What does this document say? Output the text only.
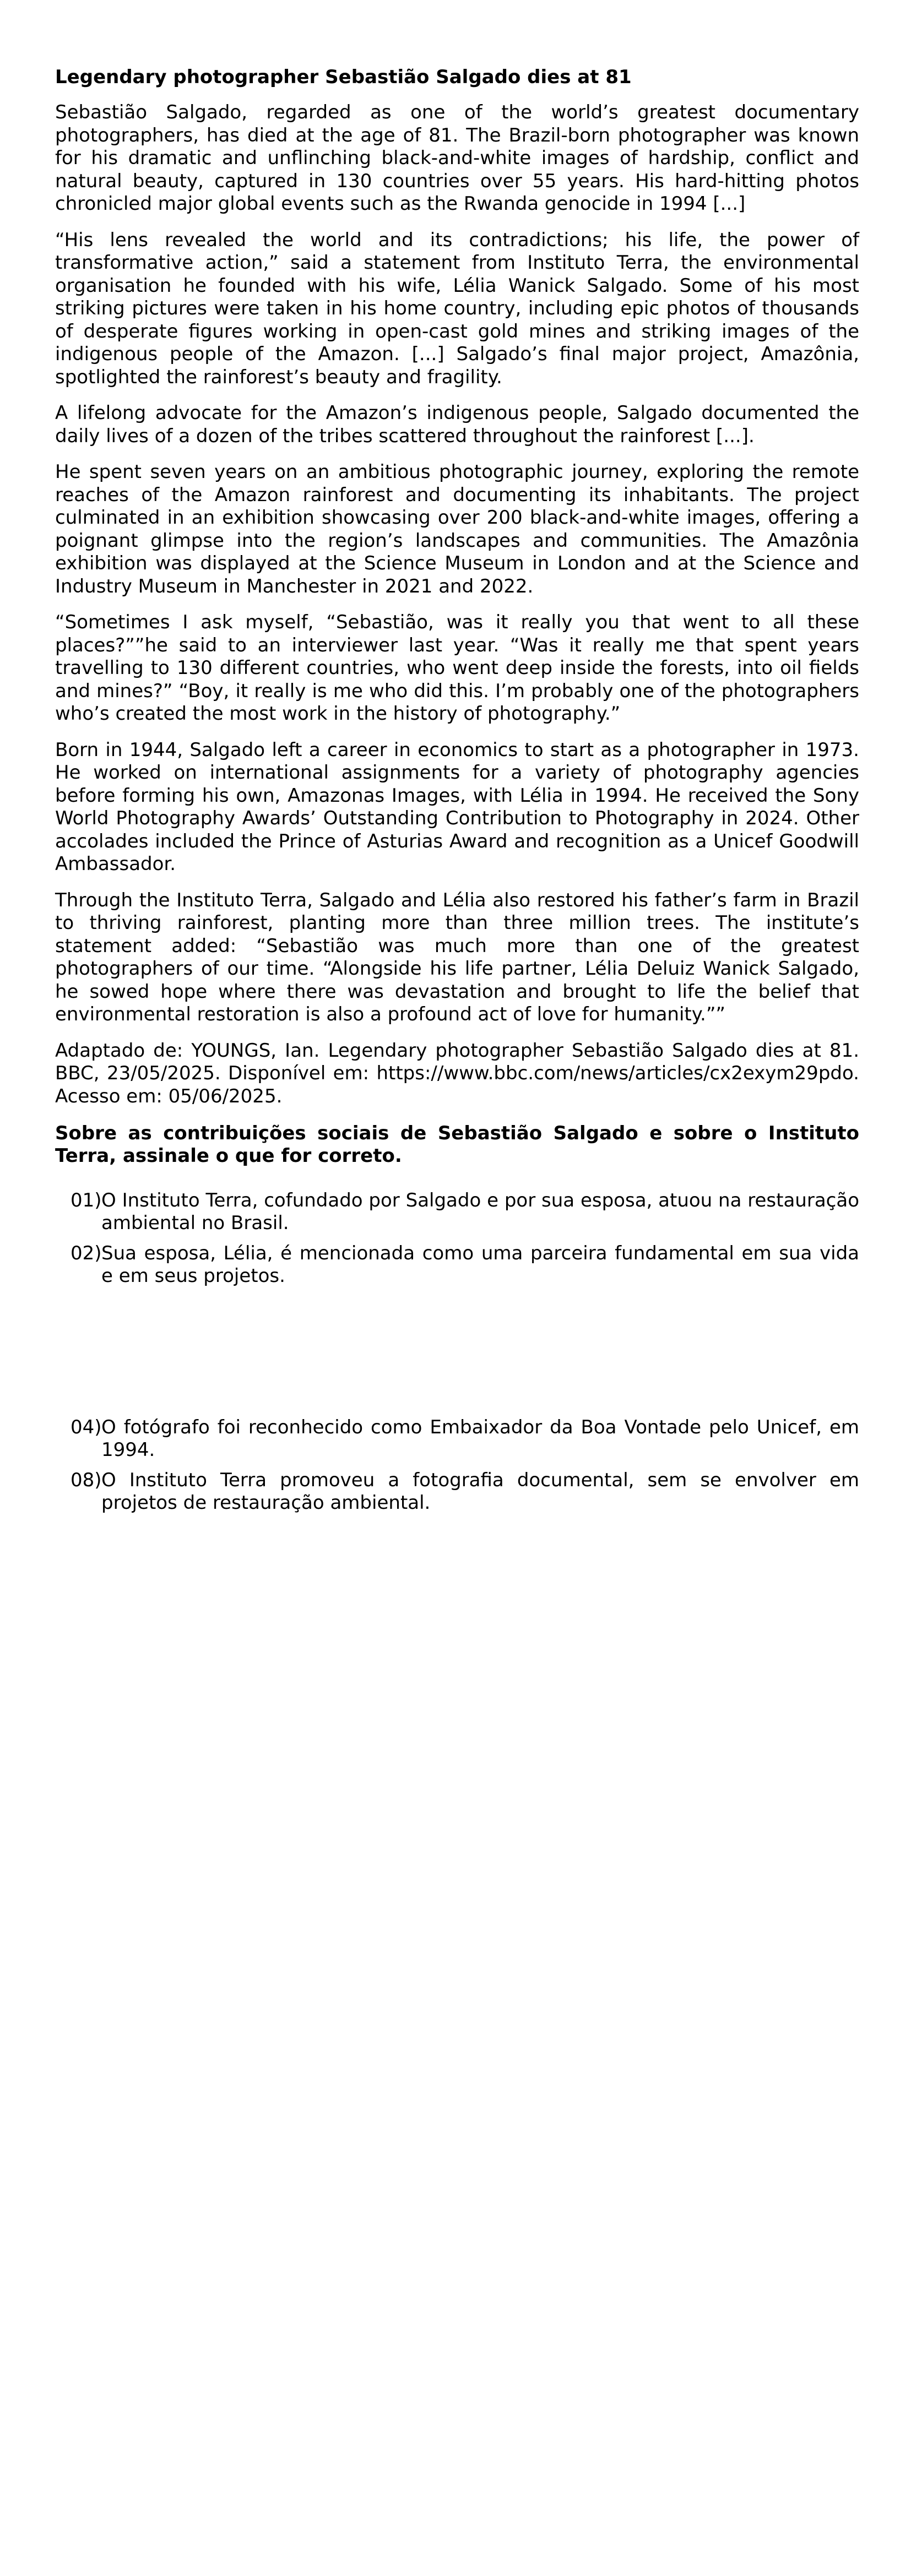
Legendary photographer Sebastião Salgado dies at 81

Sebastião Salgado, regarded as one of the world’s greatest documentary photographers, has died at the age of 81. The Brazil-born photographer was known for his dramatic and unflinching black-and-white images of hardship, conflict and natural beauty, captured in 130 countries over 55 years. His hard-hitting photos chronicled major global events such as the Rwanda genocide in 1994 [...]

“His lens revealed the world and its contradictions; his life, the power of transformative action,” said a statement from Instituto Terra, the environmental organisation he founded with his wife, Lélia Wanick Salgado. Some of his most striking pictures were taken in his home country, including epic photos of thousands of desperate figures working in open-cast gold mines and striking images of the indigenous people of the Amazon. [...] Salgado’s final major project, Amazônia, spotlighted the rainforest’s beauty and fragility.

A lifelong advocate for the Amazon’s indigenous people, Salgado documented the daily lives of a dozen of the tribes scattered throughout the rainforest [...].

He spent seven years on an ambitious photographic journey, exploring the remote reaches of the Amazon rainforest and documenting its inhabitants. The project culminated in an exhibition showcasing over 200 black-and-white images, offering a poignant glimpse into the region’s landscapes and communities. The Amazônia exhibition was displayed at the Science Museum in London and at the Science and Industry Museum in Manchester in 2021 and 2022.

“Sometimes I ask myself, “Sebastião, was it really you that went to all these places?””he said to an interviewer last year. “Was it really me that spent years travelling to 130 different countries, who went deep inside the forests, into oil fields and mines?” “Boy, it really is me who did this. I’m probably one of the photographers who’s created the most work in the history of photography.”

Born in 1944, Salgado left a career in economics to start as a photographer in 1973. He worked on international assignments for a variety of photography agencies before forming his own, Amazonas Images, with Lélia in 1994. He received the Sony World Photography Awards’ Outstanding Contribution to Photography in 2024. Other accolades included the Prince of Asturias Award and recognition as a Unicef Goodwill Ambassador.

Through the Instituto Terra, Salgado and Lélia also restored his father’s farm in Brazil to thriving rainforest, planting more than three million trees. The institute’s statement added: “Sebastião was much more than one of the greatest photographers of our time. “Alongside his life partner, Lélia Deluiz Wanick Salgado, he sowed hope where there was devastation and brought to life the belief that environmental restoration is also a profound act of love for humanity.””

Adaptado de: YOUNGS, Ian. Legendary photographer Sebastião Salgado dies at 81. BBC, 23/05/2025. Disponível em: https://www.bbc.com/news/articles/cx2exym29pdo. Acesso em: 05/06/2025.

Sobre as contribuições sociais de Sebastião Salgado e sobre o Instituto Terra, assinale o que for correto.
01) O Instituto Terra, cofundado por Salgado e por sua esposa, atuou na restauração ambiental no Brasil.
02) Sua esposa, Lélia, é mencionada como uma parceira fundamental em sua vida e em seus projetos.
04) O fotógrafo foi reconhecido como Embaixador da Boa Vontade pelo Unicef, em 1994.
08) O Instituto Terra promoveu a fotografia documental, sem se envolver em projetos de restauração ambiental.
